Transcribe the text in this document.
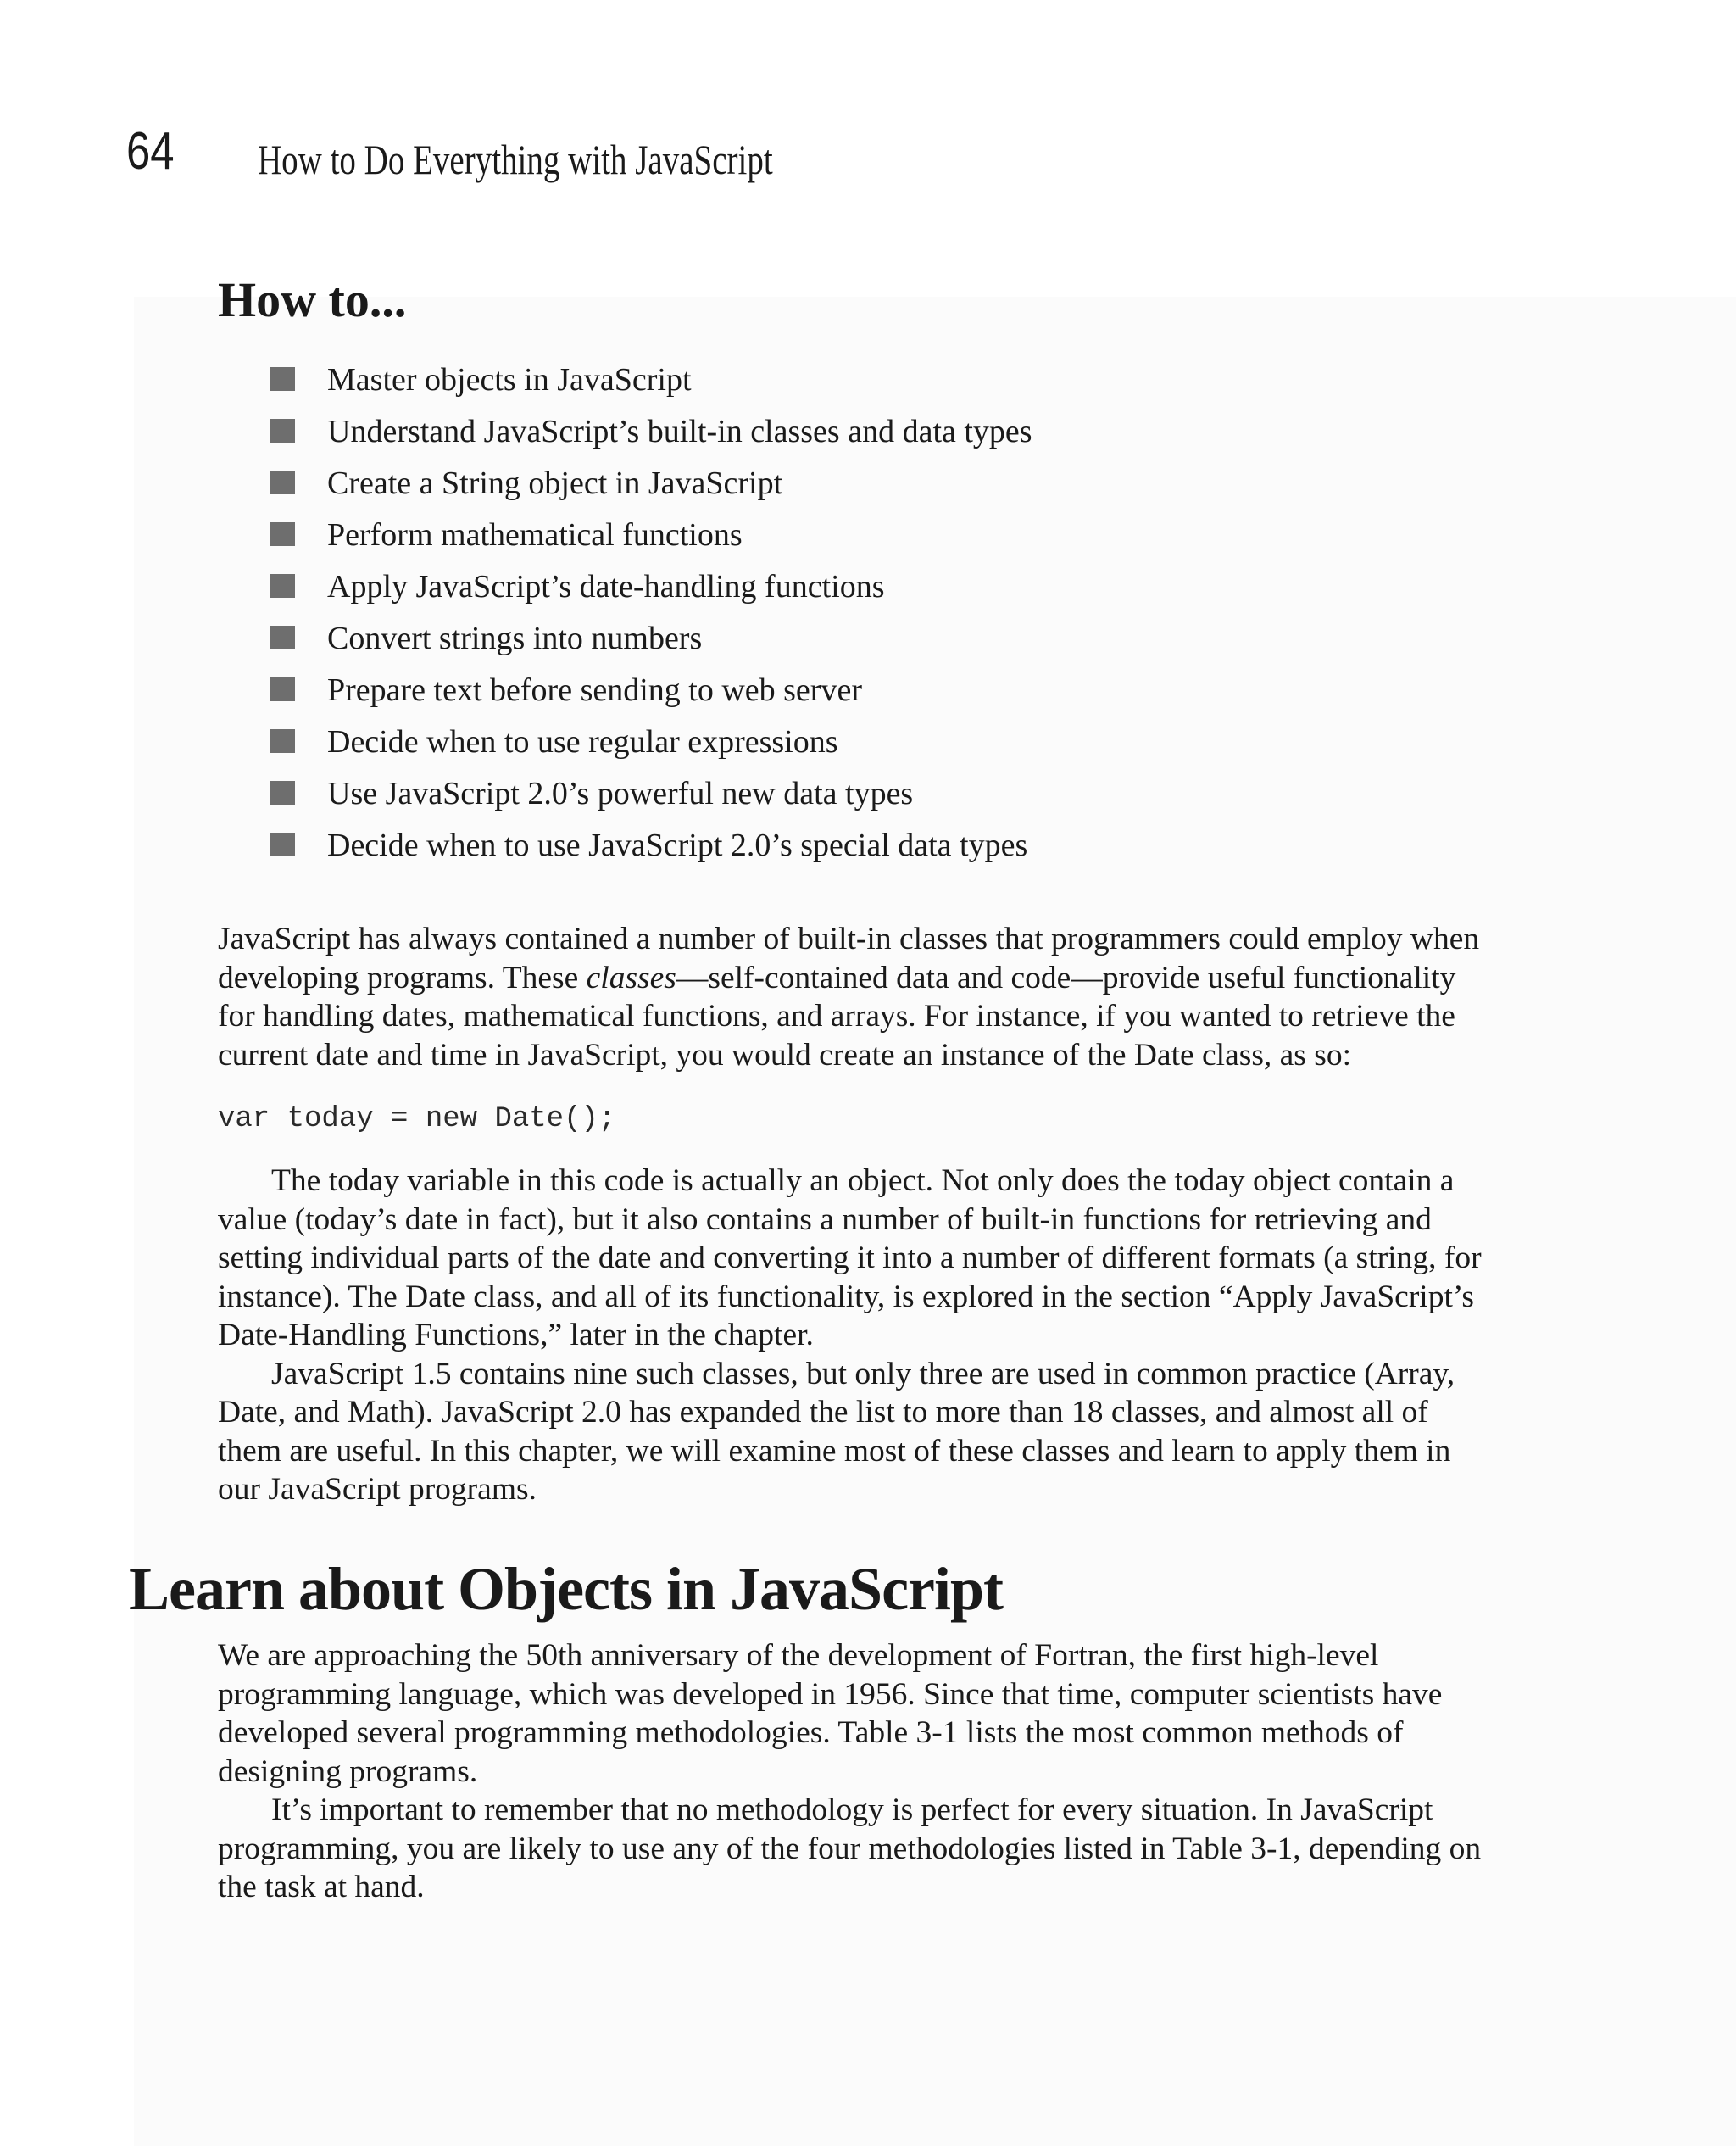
64 How to Do Everything with JavaScript
How to...
Master objects in JavaScript
Understand JavaScript’s built-in classes and data types
Create a String object in JavaScript
Perform mathematical functions
Apply JavaScript’s date-handling functions
Convert strings into numbers
Prepare text before sending to web server
Decide when to use regular expressions
Use JavaScript 2.0’s powerful new data types
Decide when to use JavaScript 2.0’s special data types

JavaScript has always contained a number of built-in classes that programmers could employ when developing programs. These classes—self-contained data and code—provide useful functionality for handling dates, mathematical functions, and arrays. For instance, if you wanted to retrieve the current date and time in JavaScript, you would create an instance of the Date class, as so:

var today = new Date();

The today variable in this code is actually an object. Not only does the today object contain a value (today’s date in fact), but it also contains a number of built-in functions for retrieving and setting individual parts of the date and converting it into a number of different formats (a string, for instance). The Date class, and all of its functionality, is explored in the section “Apply JavaScript’s Date-Handling Functions,” later in the chapter.

JavaScript 1.5 contains nine such classes, but only three are used in common practice (Array, Date, and Math). JavaScript 2.0 has expanded the list to more than 18 classes, and almost all of them are useful. In this chapter, we will examine most of these classes and learn to apply them in our JavaScript programs.

Learn about Objects in JavaScript

We are approaching the 50th anniversary of the development of Fortran, the first high-level programming language, which was developed in 1956. Since that time, computer scientists have developed several programming methodologies. Table 3-1 lists the most common methods of designing programs.

It’s important to remember that no methodology is perfect for every situation. In JavaScript programming, you are likely to use any of the four methodologies listed in Table 3-1, depending on the task at hand.
